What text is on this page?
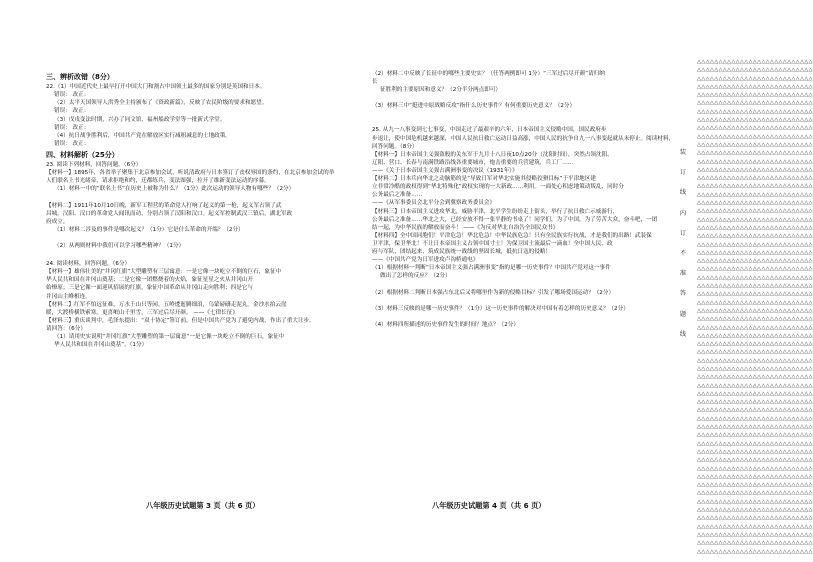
三、辨析改错（8分）
22.（1）中国近代史上最早打开中国大门和割占中国领土最多的国家分别是英国和日本。
错误： 改正：
（2）太平天国领导人洪秀全主持颁布了《资政新篇》，反映了农民阶级的要求和愿望。
错误： 改正：
（3）戊戌变法时期，兴办了同文馆，福州船政学堂等一批新式学堂。
错误： 改正：
（4）抗日战争胜利后，中国共产党在解放区实行减租减息的土地政策。
错误： 改正：
四、材料解析（25分）
23. 阅读下列材料，回答问题。（6分）
【材料一】1895年，各省举子聚集于北京参加会试，听说清政府与日本签订了丧权辱国的条约，在北京参加会试的举
人们联名上书光绪帝，请求拒绝和约，迁都练兵，变法图强，拉开了维新变法运动的序幕。
（1）材料一中的“联名上书”在历史上被称为什么？（1分）此次运动的领导人物有哪些？（2分）
【材料二】1911年10月10日晚，新军工程营的革命党人打响了起义的第一枪，起义军占领了武
昌城。汉阳、汉口的革命党人闻讯而动，分别占领了汉阳和汉口。起义军控制武汉三镇后，湖北军政
府成立。
（1）材料二涉及的事件是哪次起义？（1分）它是什么革命的开端？（2分）
（2）从两则材料中我们可以学习哪些精神？（1分）
24. 阅读材料，回答问题。（6分）
【材料一】雄伟壮美的“井冈红旗”大型雕塑有三层寓意：一是它像一块屹立不倒的巨石，象征中
华人民共和国在井冈山奠基；二是它像一团燃烧着的火焰，象征星星之火从井冈山开
始燎原；三是它像一面迎风招展的红旗，象征中国革命从井冈山走向胜利；四是它与
井冈山主峰相连。
【材料二】红军不怕远征难，万水千山只等闲。五岭逶迤腾细浪，乌蒙磅礴走泥丸。金沙水拍云崖
暖，大渡桥横铁索寒。更喜岷山千里雪，三军过后尽开颜。 ——《七律长征》
【材料三】重庆谈判中，毛泽东提出：“双十协定”签订前，但是中国共产党为了避免内战，作出了重大让步。
请回答：（6分）
（1）请用史实说明“井冈红旗”大型雕塑的第一层寓意“一是它像一块屹立不倒的巨石，象征中
华人民共和国在井冈山奠基”。（1分）
（2）材料二中反映了长征中的哪些主要史实？（任答两例即可 1分）“三军过后尽开颜”请归纳
长
征胜利的主要原因和意义？（2分半分两点即可）
（3）材料三中“挺进中原战略反攻”指什么历史事件？有何重要历史意义？（2分）
25. 从九一八事变到七七事变，中国走过了最艰辛的六年，日本帝国主义侵略中国，国民政府步
步退让，使中国危机越来越深，中国人民抗日救亡运动日益高涨，中国人民的抗争自九一八事变起就从未停止。阅读材料，
回答问题。（8分）
【材料一】日本帝国主义强盗般的关东军于九月十八日夜10点20分（沈阳时间），突然占领沈阳、
辽阳、营口、长春与南满铁路沿线各重要城市，炮击重要的兵营建筑，兵工厂……
——《关于日本帝国主义强占满洲事变的决议（1931年）》
【材料二】日本兵向华北之动脑筋的是“导致日军对华北实施其侵略狡猾目标”于平津地区建
立非常冷酷的政权得到“华北特殊化”政权实现的一大新政……利用。一面处心积虑地策动叛乱，同时分
公务最后之准备……
——《从军事委员会北平分会到冀察政务委员会》
【材料三】日本帝国主义进攻华北，威胁平津，北平学生纷纷走上街头，举行了抗日救亡示威游行，
公务最后之准备……华北之大，已经安放不得一张平静的书桌了！同学们，为了中国，为了劳苦大众，奋斗吧，一团
结一起，为中华民族的解放而奋斗！ ——《为反对华北自治告全国民众书》
【材料四】全中国同胞们！平津危急！华北危急！中华民族危急！只有全民族实行抗战，才是我们的出路！武装保
卫平津，保卫华北！不让日本帝国主义占领中国寸土！为保卫国土流最后一滴血！全中国人民、政
府与军队，团结起来，筑成民族统一战线的坚固长城，抵抗日寇的侵略！
——《中国共产党为日军进攻卢沟桥通电》
（1）根据材料一判断“日本帝国主义强占满洲事变”指的是哪一历史事件？中国共产党对这一事件
做出了怎样的反应？（2分）
（2）根据材料二判断日本强占东北后又将哪里作为新的侵略目标？引发了哪场爱国运动？（2分）
（3）材料三反映的是哪一历史事件？（1分）这一历史事件的解决对中国有着怎样的历史意义？（2分）
（4）材料四所描述的历史事件发生的时间？地点？（2分）
八年级历史试题第 3 页（共 6 页）	八年级历史试题第 4 页（共 6 页）
装
订
线
内
订
不
准
答
题
线
△△△△△△△△△△△△△△△△△△△△△△△△△△△
△△△△△△△△△△△△△△△△△△△△△△△△△△△
△△△△△△△△△△△△△△△△△△△△△△△△△△△
△△△△△△△△△△△△△△△△△△△△△△△△△△△
△△△△△△△△△△△△△△△△△△△△△△△△△△△
△△△△△△△△△△△△△△△△△△△△△△△△△△△
△△△△△△△△△△△△△△△△△△△△△△△△△△△
△△△△△△△△△△△△△△△△△△△△△△△△△△△
△△△△△△△△△△△△△△△△△△△△△△△△△△△
△△△△△△△△△△△△△△△△△△△△△△△△△△△
△△△△△△△△△△△△△△△△△△△△△△△△△△△
△△△△△△△△△△△△△△△△△△△△△△△△△△△
△△△△△△△△△△△△△△△△△△△△△△△△△△△
△△△△△△△△△△△△△△△△△△△△△△△△△△△
△△△△△△△△△△△△△△△△△△△△△△△△△△△
△△△△△△△△△△△△△△△△△△△△△△△△△△△
△△△△△△△△△△△△△△△△△△△△△△△△△△△
△△△△△△△△△△△△△△△△△△△△△△△△△△△
△△△△△△△△△△△△△△△△△△△△△△△△△△△
△△△△△△△△△△△△△△△△△△△△△△△△△△△
△△△△△△△△△△△△△△△△△△△△△△△△△△△
△△△△△△△△△△△△△△△△△△△△△△△△△△△
△△△△△△△△△△△△△△△△△△△△△△△△△△△
△△△△△△△△△△△△△△△△△△△△△△△△△△△
△△△△△△△△△△△△△△△△△△△△△△△△△△△
△△△△△△△△△△△△△△△△△△△△△△△△△△△
△△△△△△△△△△△△△△△△△△△△△△△△△△△
△△△△△△△△△△△△△△△△△△△△△△△△△△△
△△△△△△△△△△△△△△△△△△△△△△△△△△△
△△△△△△△△△△△△△△△△△△△△△△△△△△△
△△△△△△△△△△△△△△△△△△△△△△△△△△△
△△△△△△△△△△△△△△△△△△△△△△△△△△△
△△△△△△△△△△△△△△△△△△△△△△△△△△△
△△△△△△△△△△△△△△△△△△△△△△△△△△△
△△△△△△△△△△△△△△△△△△△△△△△△△△△
△△△△△△△△△△△△△△△△△△△△△△△△△△△
△△△△△△△△△△△△△△△△△△△△△△△△△△△
△△△△△△△△△△△△△△△△△△△△△△△△△△△
△△△△△△△△△△△△△△△△△△△△△△△△△△△
△△△△△△△△△△△△△△△△△△△△△△△△△△△
△△△△△△△△△△△△△△△△△△△△△△△△△△△
△△△△△△△△△△△△△△△△△△△△△△△△△△△
△△△△△△△△△△△△△△△△△△△△△△△△△△△
△△△△△△△△△△△△△△△△△△△△△△△△△△△
△△△△△△△△△△△△△△△△△△△△△△△△△△△
△△△△△△△△△△△△△△△△△△△△△△△△△△△
△△△△△△△△△△△△△△△△△△△△△△△△△△△
△△△△△△△△△△△△△△△△△△△△△△△△△△△
△△△△△△△△△△△△△△△△△△△△△△△△△△△
△△△△△△△△△△△△△△△△△△△△△△△△△△△
△△△△△△△△△△△△△△△△△△△△△△△△△△△
△△△△△△△△△△△△△△△△△△△△△△△△△△△
△△△△△△△△△△△△△△△△△△△△△△△△△△△
△△△△△△△△△△△△△△△△△△△△△△△△△△△
△△△△△△△△△△△△△△△△△△△△△△△△△△△
△△△△△△△△△△△△△△△△△△△△△△△△△△△
△△△△△△△△△△△△△△△△△△△△△△△△△△△
△△△△△△△△△△△△△△△△△△△△△△△△△△△
△△△△△△△△△△△△△△△△△△△△△△△△△△△
△△△△△△△△△△△△△△△△△△△△△△△△△△△
